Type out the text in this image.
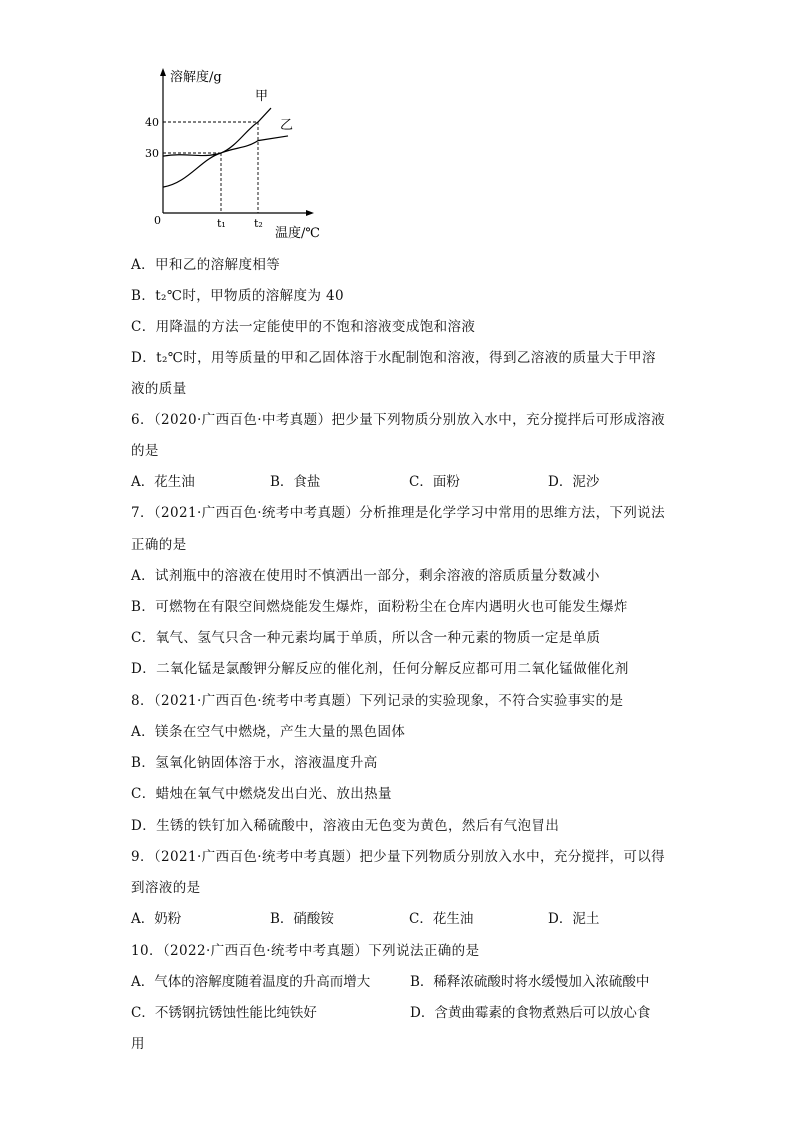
溶解度/g
温度/℃
0
40
30
t₁	t₂
甲
乙
A．甲和乙的溶解度相等
B．t₂℃时，甲物质的溶解度为 40
C．用降温的方法一定能使甲的不饱和溶液变成饱和溶液
D．t₂℃时，用等质量的甲和乙固体溶于水配制饱和溶液，得到乙溶液的质量大于甲溶
液的质量
6．（2020·广西百色·中考真题）把少量下列物质分别放入水中，充分搅拌后可形成溶液
的是
A．花生油	B．食盐	C．面粉	D．泥沙
7．（2021·广西百色·统考中考真题）分析推理是化学学习中常用的思维方法，下列说法
正确的是
A．试剂瓶中的溶液在使用时不慎洒出一部分，剩余溶液的溶质质量分数减小
B．可燃物在有限空间燃烧能发生爆炸，面粉粉尘在仓库内遇明火也可能发生爆炸
C．氧气、氢气只含一种元素均属于单质，所以含一种元素的物质一定是单质
D．二氧化锰是氯酸钾分解反应的催化剂，任何分解反应都可用二氧化锰做催化剂
8．（2021·广西百色·统考中考真题）下列记录的实验现象，不符合实验事实的是
A．镁条在空气中燃烧，产生大量的黑色固体
B．氢氧化钠固体溶于水，溶液温度升高
C．蜡烛在氧气中燃烧发出白光、放出热量
D．生锈的铁钉加入稀硫酸中，溶液由无色变为黄色，然后有气泡冒出
9．（2021·广西百色·统考中考真题）把少量下列物质分别放入水中，充分搅拌，可以得
到溶液的是
A．奶粉	B．硝酸铵	C．花生油	D．泥土
10．（2022·广西百色·统考中考真题）下列说法正确的是
A．气体的溶解度随着温度的升高而增大	B．稀释浓硫酸时将水缓慢加入浓硫酸中
C．不锈钢抗锈蚀性能比纯铁好	D．含黄曲霉素的食物煮熟后可以放心食
用
